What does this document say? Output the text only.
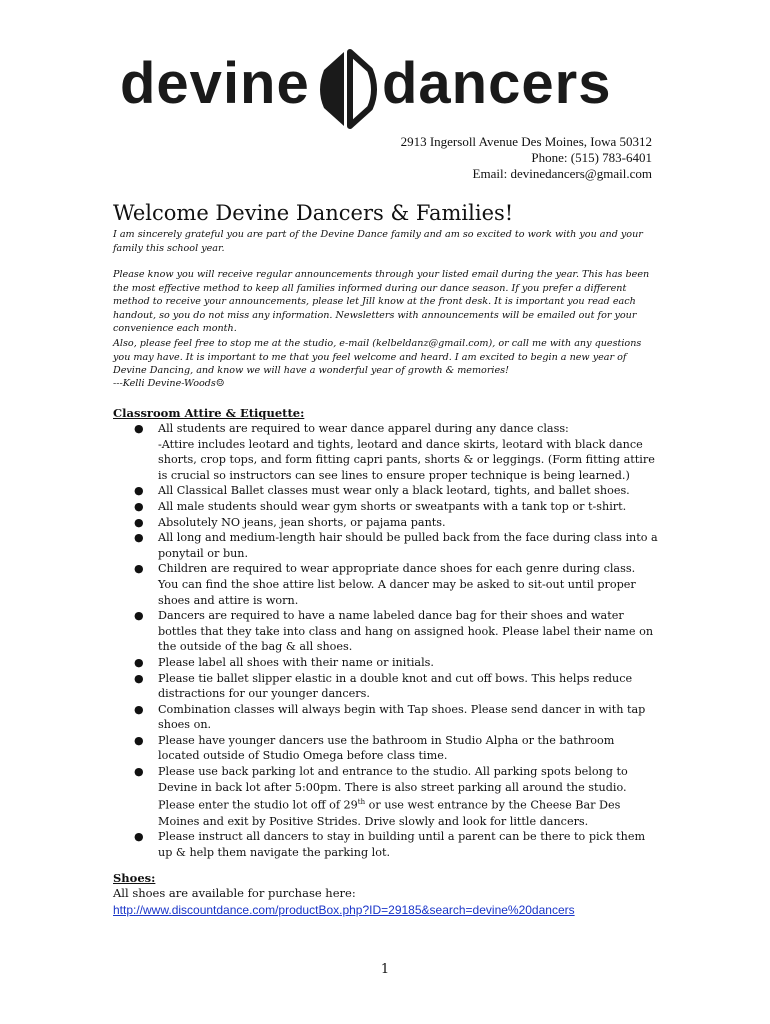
devine dancers
2913 Ingersoll Avenue Des Moines, Iowa 50312
Phone: (515) 783-6401
Email: devinedancers@gmail.com
Welcome Devine Dancers & Families!

I am sincerely grateful you are part of the Devine Dance family and am so excited to work with you and your family this school year.

Please know you will receive regular announcements through your listed email during the year. This has been the most effective method to keep all families informed during our dance season. If you prefer a different method to receive your announcements, please let Jill know at the front desk. It is important you read each handout, so you do not miss any information. Newsletters with announcements will be emailed out for your convenience each month.

Also, please feel free to stop me at the studio, e-mail (kelbeldanz@gmail.com), or call me with any questions you may have. It is important to me that you feel welcome and heard. I am excited to begin a new year of Devine Dancing, and know we will have a wonderful year of growth & memories!

---Kelli Devine-Woods☺

Classroom Attire & Etiquette:
● All students are required to wear dance apparel during any dance class:
-Attire includes leotard and tights, leotard and dance skirts, leotard with black dance shorts, crop tops, and form fitting capri pants, shorts & or leggings. (Form fitting attire is crucial so instructors can see lines to ensure proper technique is being learned.)
● All Classical Ballet classes must wear only a black leotard, tights, and ballet shoes.
● All male students should wear gym shorts or sweatpants with a tank top or t-shirt.
● Absolutely NO jeans, jean shorts, or pajama pants.
● All long and medium-length hair should be pulled back from the face during class into a ponytail or bun.
● Children are required to wear appropriate dance shoes for each genre during class. You can find the shoe attire list below. A dancer may be asked to sit-out until proper shoes and attire is worn.
● Dancers are required to have a name labeled dance bag for their shoes and water bottles that they take into class and hang on assigned hook. Please label their name on the outside of the bag & all shoes.
● Please label all shoes with their name or initials.
● Please tie ballet slipper elastic in a double knot and cut off bows. This helps reduce distractions for our younger dancers.
● Combination classes will always begin with Tap shoes. Please send dancer in with tap shoes on.
● Please have younger dancers use the bathroom in Studio Alpha or the bathroom located outside of Studio Omega before class time.
● Please use back parking lot and entrance to the studio. All parking spots belong to Devine in back lot after 5:00pm. There is also street parking all around the studio. Please enter the studio lot off of 29th or use west entrance by the Cheese Bar Des Moines and exit by Positive Strides. Drive slowly and look for little dancers.
● Please instruct all dancers to stay in building until a parent can be there to pick them up & help them navigate the parking lot.
Shoes:
All shoes are available for purchase here:
http://www.discountdance.com/productBox.php?ID=29185&search=devine%20dancers
1
